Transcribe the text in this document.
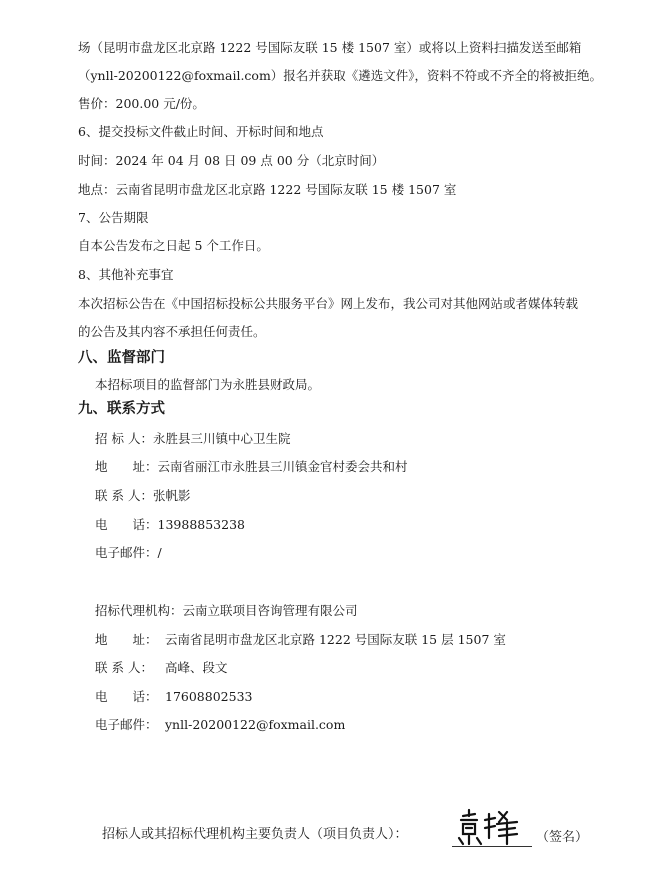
场（昆明市盘龙区北京路 1222 号国际友联 15 楼 1507 室）或将以上资料扫描发送至邮箱
（ynll-20200122@foxmail.com）报名并获取《遴选文件》，资料不符或不齐全的将被拒绝。
售价：200.00 元/份。
6、提交投标文件截止时间、开标时间和地点
时间：2024 年 04 月 08 日 09 点 00 分（北京时间）
地点：云南省昆明市盘龙区北京路 1222 号国际友联 15 楼 1507 室
7、公告期限
自本公告发布之日起 5 个工作日。
8、其他补充事宜
本次招标公告在《中国招标投标公共服务平台》网上发布，我公司对其他网站或者媒体转载
的公告及其内容不承担任何责任。
八、监督部门
本招标项目的监督部门为永胜县财政局。
九、联系方式
招 标 人：永胜县三川镇中心卫生院
地　　址：云南省丽江市永胜县三川镇金官村委会共和村
联 系 人：张帆影
电　　话：13988853238
电子邮件：/
招标代理机构：云南立联项目咨询管理有限公司
地　　址： 云南省昆明市盘龙区北京路 1222 号国际友联 15 层 1507 室
联 系 人： 高峰、段文
电　　话： 17608802533
电子邮件： ynll-20200122@foxmail.com
招标人或其招标代理机构主要负责人（项目负责人）：	（签名）
